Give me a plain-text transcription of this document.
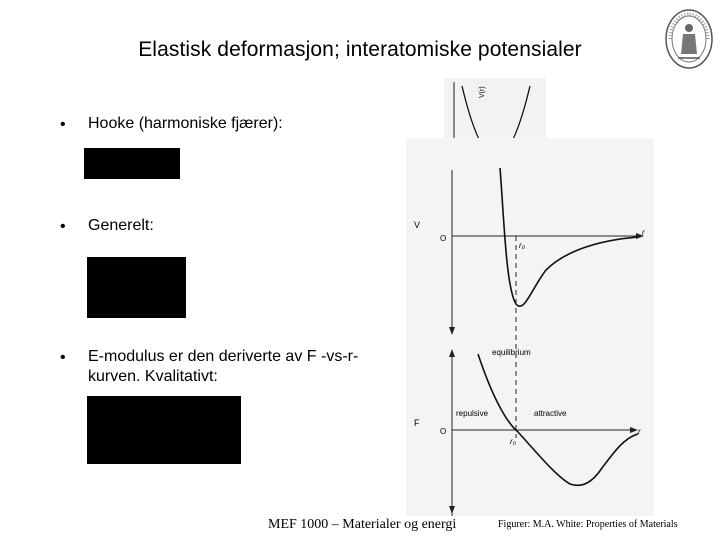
Elastisk deformasjon; interatomiske potensialer
• Hooke (harmoniske fjærer):
• Generelt:
• E-modulus er den deriverte av F -vs-r-kurven. Kvalitativt:
V(r)
V
O
r
r₀
equilibrium
F
O	r
r₀
repulsive	attractive
MEF 1000 – Materialer og energi	Figurer: M.A. White: Properties of Materials
